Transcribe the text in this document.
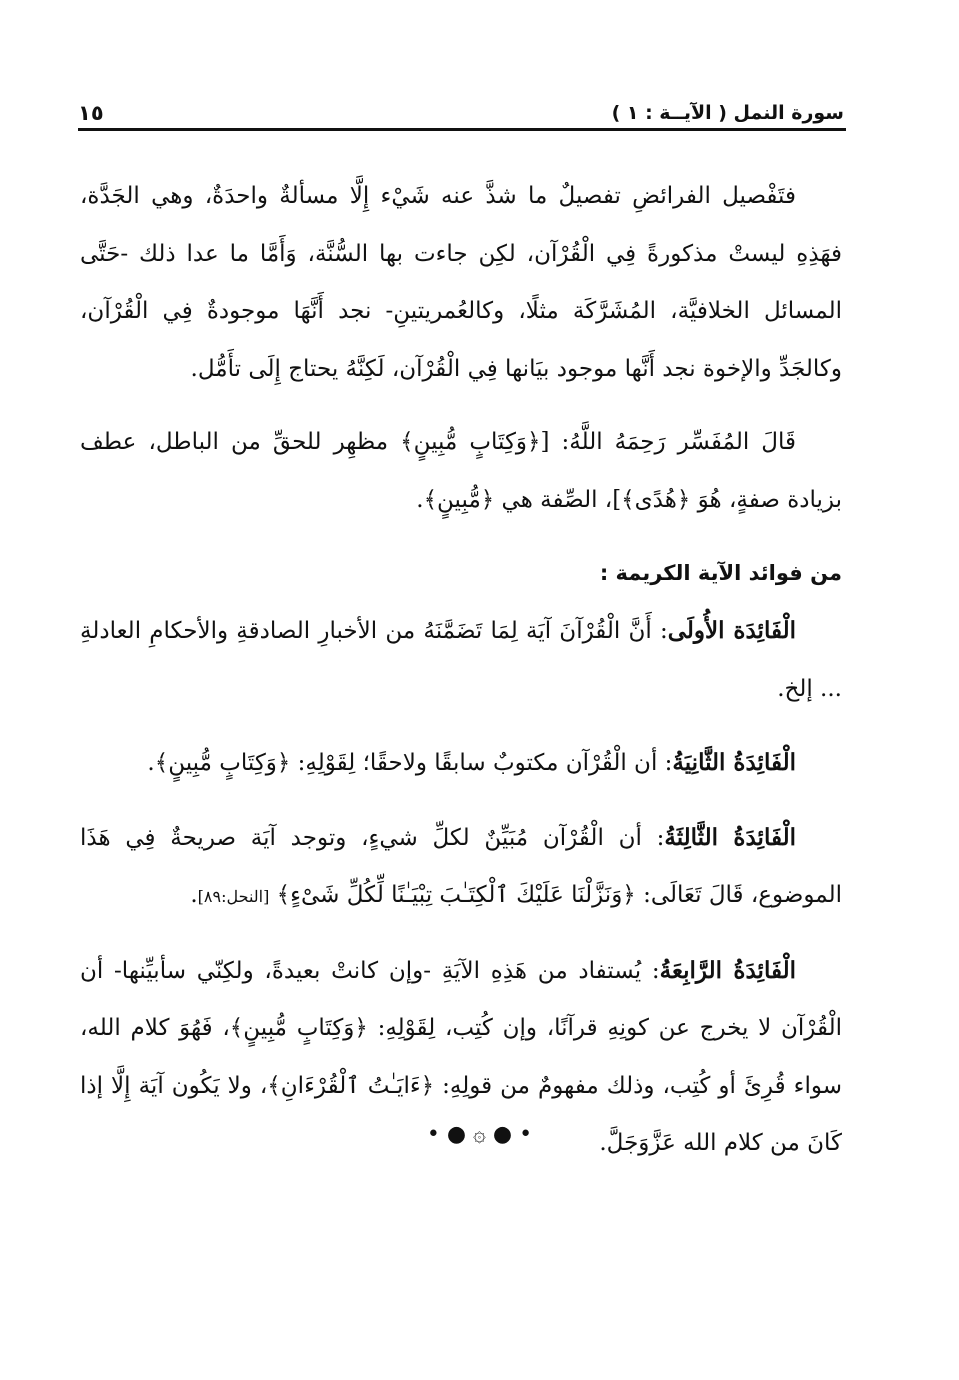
سورة النمل ( الآيــة : ١ )
١٥

فتَفْصيل الفرائضِ تفصيلٌ ما شذَّ عنه شَيْء إِلَّا مسألةٌ واحدَةٌ، وهي الجَدَّة، فهَذِهِ ليستْ مذكورةً فِي الْقُرْآن، لكِن جاءت بها السُّنَّة، وَأَمَّا ما عدا ذلك -حَتَّى المسائل الخلافيَّة، المُشَرَّكَة مثلًا، وكالعُمريتينِ- نجد أَنَّهَا موجودةٌ فِي الْقُرْآن، وكالجَدِّ والإخوة نجد أَنَّها موجود بيَانها فِي الْقُرْآن، لَكِنَّهُ يحتاج إِلَى تأَمُّل.

قَالَ المُفَسِّر رَحِمَهُ اللَّهُ: [﴿وَكِتَابٍ مُّبِينٍ﴾ مظهِر للحقِّ من الباطل، عطف بزيادة صفةٍ، هُوَ ﴿هُدًى﴾]، الصِّفة هي ﴿مُّبِينٍ﴾.

من فوائد الآية الكريمة :

الْفَائِدَة الأُولَى: أَنَّ الْقُرْآنَ آيَة لِمَا تَضَمَّنَهُ من الأخبارِ الصادقةِ والأحكامِ العادلةِ ... إلخ.

الْفَائِدَةُ الثَّانِيَةُ: أن الْقُرْآن مكتوبٌ سابقًا ولاحقًا؛ لِقَوْلِهِ: ﴿وَكِتَابٍ مُّبِينٍ﴾.

الْفَائِدَةُ الثَّالِثَةُ: أن الْقُرْآن مُبَيِّنٌ لكلِّ شيءٍ، وتوجد آيَة صريحةٌ فِي هَذَا الموضوع، قَالَ تَعَالَى: ﴿وَنَزَّلْنَا عَلَيْكَ ٱلْكِتَـٰبَ تِبْيَـٰنًا لِّكُلِّ شَىْءٍ﴾ [النحل:٨٩].

الْفَائِدَةُ الرَّابِعَةُ: يُستفاد من هَذِهِ الآيَةِ -وإن كانتْ بعيدةً، ولكِنّي سأبيِّنها- أن الْقُرْآن لا يخرج عن كونِهِ قرآنًا، وإن كُتِب، لِقَوْلِهِ: ﴿وَكِتَابٍ مُّبِينٍ﴾، فَهُوَ كلام الله، سواء قُرِئَ أو كُتِب، وذلك مفهومٌ من قولِهِ: ﴿ءَايَـٰتُ ٱلْقُرْءَانِ﴾، ولا يَكُون آيَة إِلَّا إذا كَانَ من كلام الله عَزَّوَجَلَّ.

• ● ۞ ● •
